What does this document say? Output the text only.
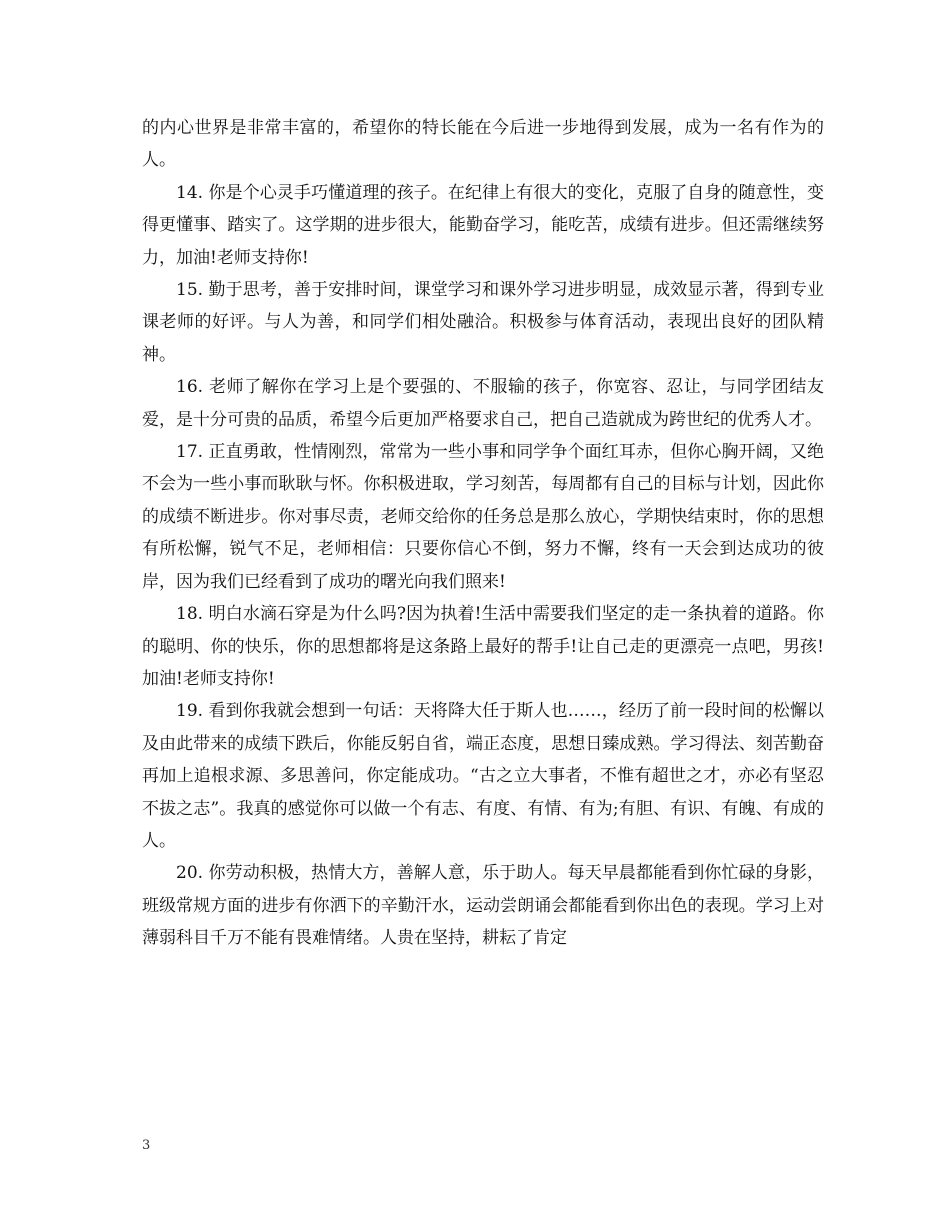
的内心世界是非常丰富的，希望你的特长能在今后进一步地得到发展，成为一名有作为的人。

14. 你是个心灵手巧懂道理的孩子。在纪律上有很大的变化，克服了自身的随意性，变得更懂事、踏实了。这学期的进步很大，能勤奋学习，能吃苦，成绩有进步。但还需继续努力，加油!老师支持你!

15. 勤于思考，善于安排时间，课堂学习和课外学习进步明显，成效显示著，得到专业课老师的好评。与人为善，和同学们相处融洽。积极参与体育活动，表现出良好的团队精神。

16. 老师了解你在学习上是个要强的、不服输的孩子，你宽容、忍让，与同学团结友爱，是十分可贵的品质，希望今后更加严格要求自己，把自己造就成为跨世纪的优秀人才。

17. 正直勇敢，性情刚烈，常常为一些小事和同学争个面红耳赤，但你心胸开阔，又绝不会为一些小事而耿耿与怀。你积极进取，学习刻苦，每周都有自己的目标与计划，因此你的成绩不断进步。你对事尽责，老师交给你的任务总是那么放心，学期快结束时，你的思想有所松懈，锐气不足，老师相信：只要你信心不倒，努力不懈，终有一天会到达成功的彼岸，因为我们已经看到了成功的曙光向我们照来!

18. 明白水滴石穿是为什么吗?因为执着!生活中需要我们坚定的走一条执着的道路。你的聪明、你的快乐，你的思想都将是这条路上最好的帮手!让自己走的更漂亮一点吧，男孩!加油!老师支持你!

19. 看到你我就会想到一句话：天将降大任于斯人也……，经历了前一段时间的松懈以及由此带来的成绩下跌后，你能反躬自省，端正态度，思想日臻成熟。学习得法、刻苦勤奋再加上追根求源、多思善问，你定能成功。“古之立大事者，不惟有超世之才，亦必有坚忍不拔之志”。我真的感觉你可以做一个有志、有度、有情、有为;有胆、有识、有魄、有成的人。

20. 你劳动积极，热情大方，善解人意，乐于助人。每天早晨都能看到你忙碌的身影，班级常规方面的进步有你洒下的辛勤汗水，运动尝朗诵会都能看到你出色的表现。学习上对薄弱科目千万不能有畏难情绪。人贵在坚持，耕耘了肯定

3
